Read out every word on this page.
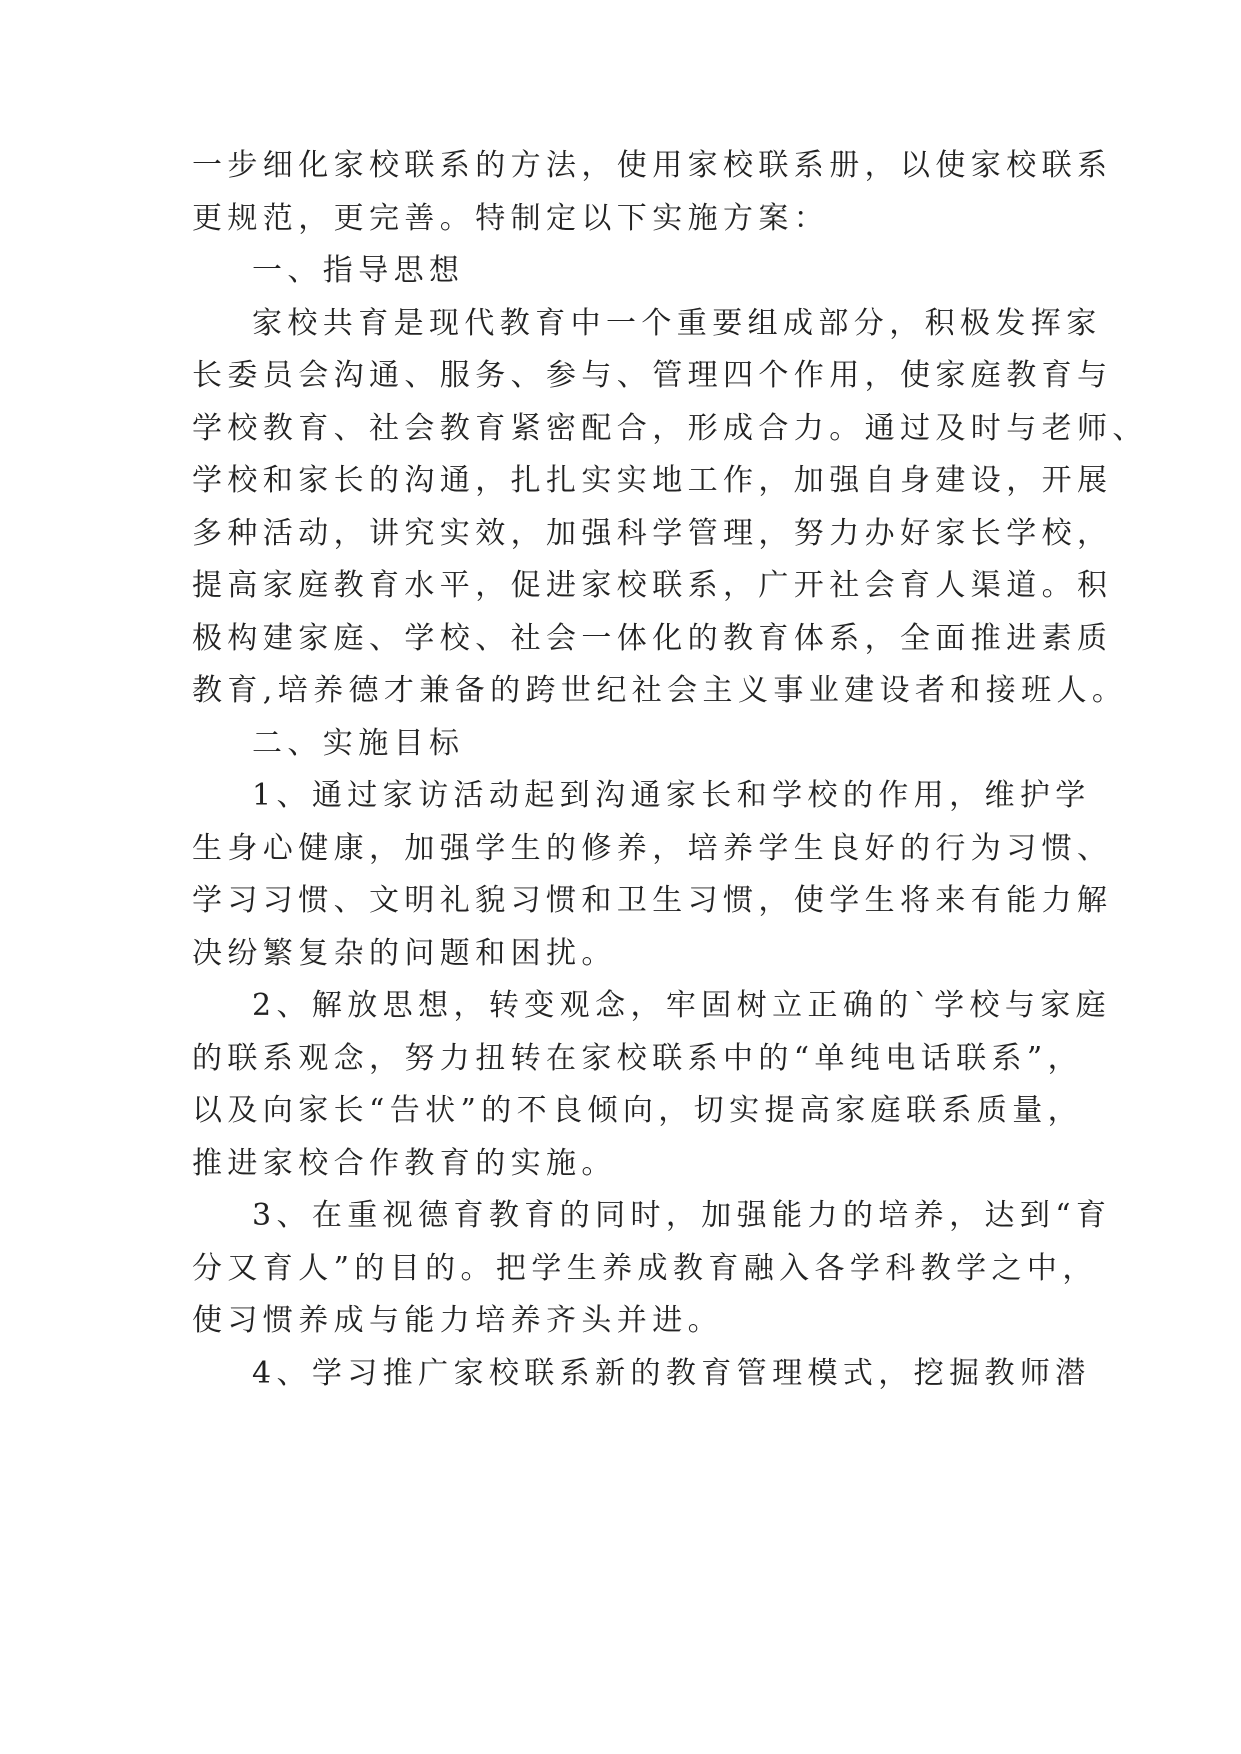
一步细化家校联系的方法，使用家校联系册，以使家校联系
更规范，更完善。特制定以下实施方案：
一、指导思想
家校共育是现代教育中一个重要组成部分，积极发挥家
长委员会沟通、服务、参与、管理四个作用，使家庭教育与
学校教育、社会教育紧密配合，形成合力。通过及时与老师、
学校和家长的沟通，扎扎实实地工作，加强自身建设，开展
多种活动，讲究实效，加强科学管理，努力办好家长学校，
提高家庭教育水平，促进家校联系，广开社会育人渠道。积
极构建家庭、学校、社会一体化的教育体系，全面推进素质
教育,培养德才兼备的跨世纪社会主义事业建设者和接班人。
二、实施目标
1、通过家访活动起到沟通家长和学校的作用，维护学
生身心健康，加强学生的修养，培养学生良好的行为习惯、
学习习惯、文明礼貌习惯和卫生习惯，使学生将来有能力解
决纷繁复杂的问题和困扰。
2、解放思想，转变观念，牢固树立正确的`学校与家庭
的联系观念，努力扭转在家校联系中的“单纯电话联系”，
以及向家长“告状”的不良倾向，切实提高家庭联系质量，
推进家校合作教育的实施。
3、在重视德育教育的同时，加强能力的培养，达到“育
分又育人”的目的。把学生养成教育融入各学科教学之中，
使习惯养成与能力培养齐头并进。
4、学习推广家校联系新的教育管理模式，挖掘教师潜
